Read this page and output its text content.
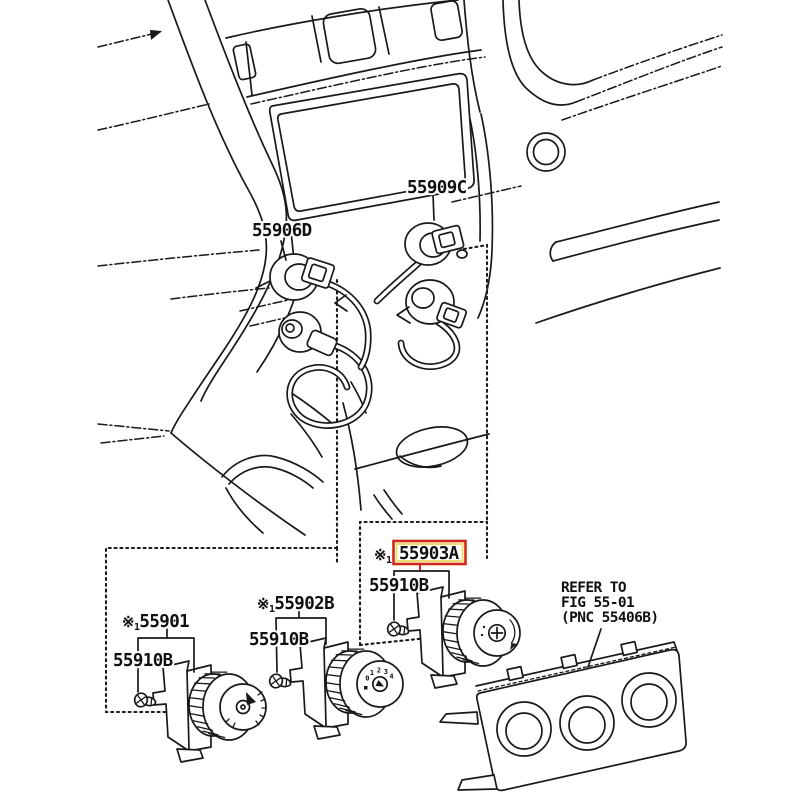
0
1 2 3
4
55906D
55909C
※155901
55910B
※155902B
55910B
※1 55903A
55910B	REFER TO
FIG 55-01
(PNC 55406B)
